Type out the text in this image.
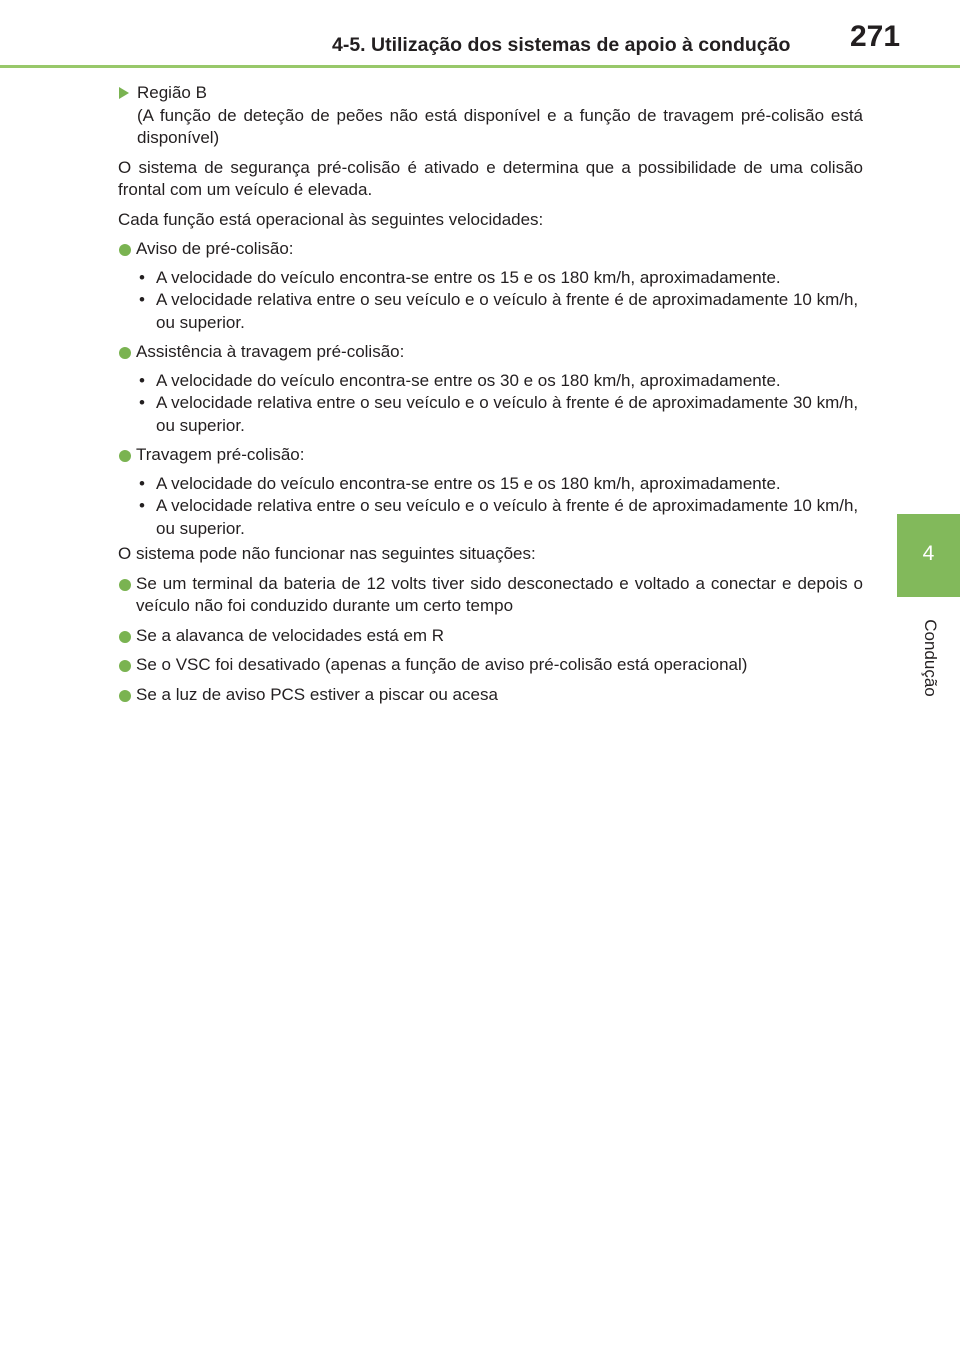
4-5. Utilização dos sistemas de apoio à condução 271
4
Condução

Região B

(A função de deteção de peões não está disponível e a função de travagem pré-colisão está disponível)

O sistema de segurança pré-colisão é ativado e determina que a possibilidade de uma colisão frontal com um veículo é elevada.

Cada função está operacional às seguintes velocidades:

Aviso de pré-colisão:

• A velocidade do veículo encontra-se entre os 15 e os 180 km/h, aproximadamente.
• A velocidade relativa entre o seu veículo e o veículo à frente é de aproximadamente 10 km/h, ou superior.

Assistência à travagem pré-colisão:

• A velocidade do veículo encontra-se entre os 30 e os 180 km/h, aproximadamente.
• A velocidade relativa entre o seu veículo e o veículo à frente é de aproximadamente 30 km/h, ou superior.

Travagem pré-colisão:

• A velocidade do veículo encontra-se entre os 15 e os 180 km/h, aproximadamente.
• A velocidade relativa entre o seu veículo e o veículo à frente é de aproximadamente 10 km/h, ou superior.

O sistema pode não funcionar nas seguintes situações:

Se um terminal da bateria de 12 volts tiver sido desconectado e voltado a conectar e depois o veículo não foi conduzido durante um certo tempo

Se a alavanca de velocidades está em R

Se o VSC foi desativado (apenas a função de aviso pré-colisão está operacional)

Se a luz de aviso PCS estiver a piscar ou acesa
